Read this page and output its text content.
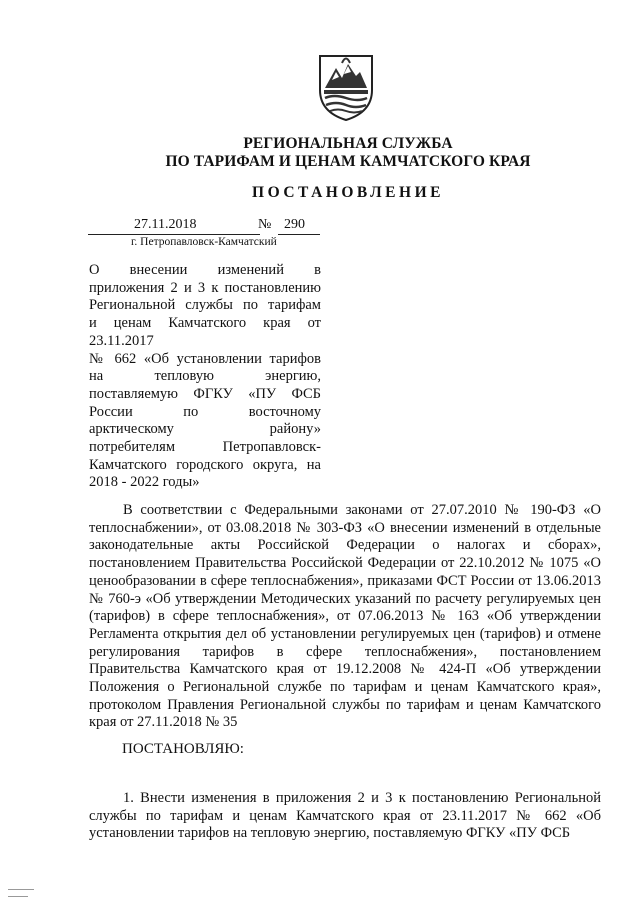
РЕГИОНАЛЬНАЯ СЛУЖБА
ПО ТАРИФАМ И ЦЕНАМ КАМЧАТСКОГО КРАЯ
ПОСТАНОВЛЕНИЕ
27.11.2018	№ 290
г. Петропавловск-Камчатский
О внесении изменений в
приложения 2 и 3 к постановлению
Региональной службы по тарифам
и ценам Камчатского края от
23.11.2017
№ 662 «Об установлении тарифов
на тепловую энергию,
поставляемую ФГКУ «ПУ ФСБ
России по восточному
арктическому району»
потребителям Петропавловск-
Камчатского городского округа, на
2018 - 2022 годы»
В соответствии с Федеральными законами от 27.07.2010 № 190-ФЗ «О теплоснабжении», от 03.08.2018 № 303-ФЗ «О внесении изменений в отдельные законодательные акты Российской Федерации о налогах и сборах», постановлением Правительства Российской Федерации от 22.10.2012 № 1075 «О ценообразовании в сфере теплоснабжения», приказами ФСТ России от 13.06.2013 № 760-э «Об утверждении Методических указаний по расчету регулируемых цен (тарифов) в сфере теплоснабжения», от 07.06.2013 № 163 «Об утверждении Регламента открытия дел об установлении регулируемых цен (тарифов) и отмене регулирования тарифов в сфере теплоснабжения», постановлением Правительства Камчатского края от 19.12.2008 № 424-П «Об утверждении Положения о Региональной службе по тарифам и ценам Камчатского края», протоколом Правления Региональной службы по тарифам и ценам Камчатского края от 27.11.2018 № 35
ПОСТАНОВЛЯЮ:
1. Внести изменения в приложения 2 и 3 к постановлению Региональной службы по тарифам и ценам Камчатского края от 23.11.2017 № 662 «Об установлении тарифов на тепловую энергию, поставляемую ФГКУ «ПУ ФСБ
